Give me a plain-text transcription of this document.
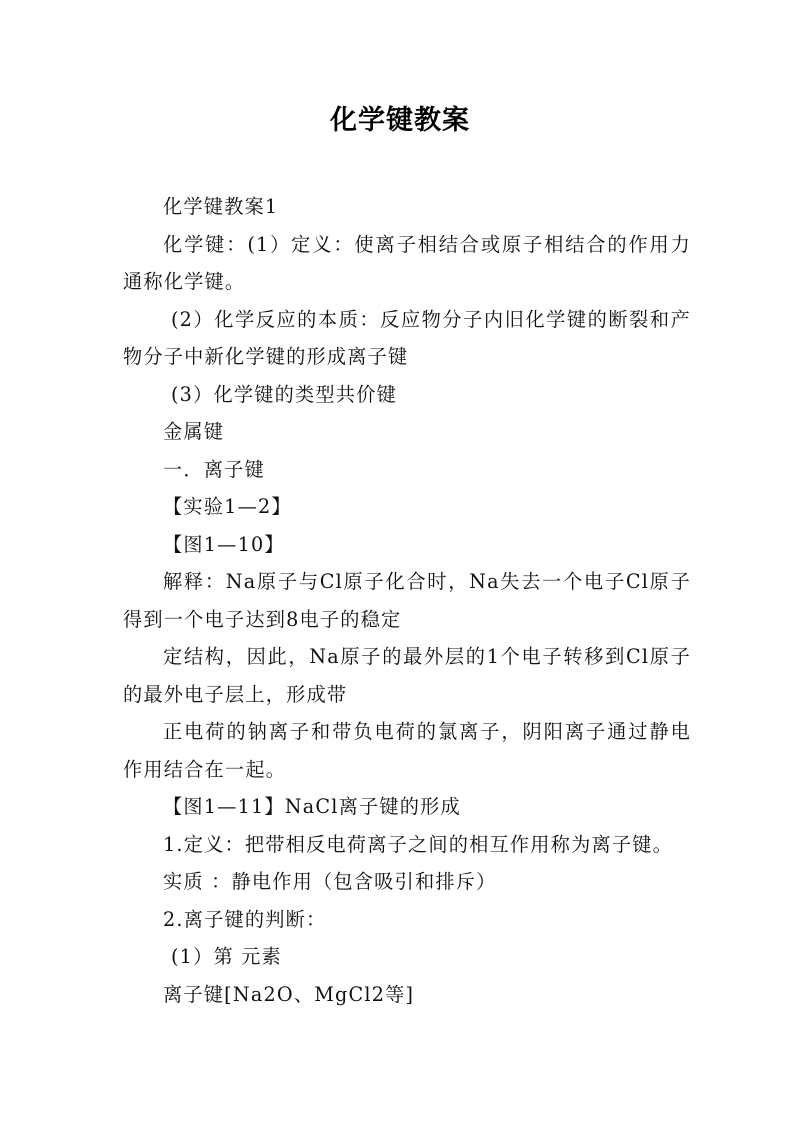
化学键教案

化学键教案1

化学键：(1）定义：使离子相结合或原子相结合的作用力通称化学键。

(2）化学反应的本质：反应物分子内旧化学键的断裂和产物分子中新化学键的形成离子键

(3）化学键的类型共价键

金属键

一．离子键

【实验1—2】

【图1—10】

解释：Na原子与Cl原子化合时，Na失去一个电子Cl原子得到一个电子达到8电子的稳定

定结构，因此，Na原子的最外层的1个电子转移到Cl原子的最外电子层上，形成带

正电荷的钠离子和带负电荷的氯离子，阴阳离子通过静电作用结合在一起。

【图1—11】NaCl离子键的形成

1.定义：把带相反电荷离子之间的相互作用称为离子键。

实质 ：静电作用（包含吸引和排斥）

2.离子键的判断：

(1）第 元素

离子键[Na2O、MgCl2等]
